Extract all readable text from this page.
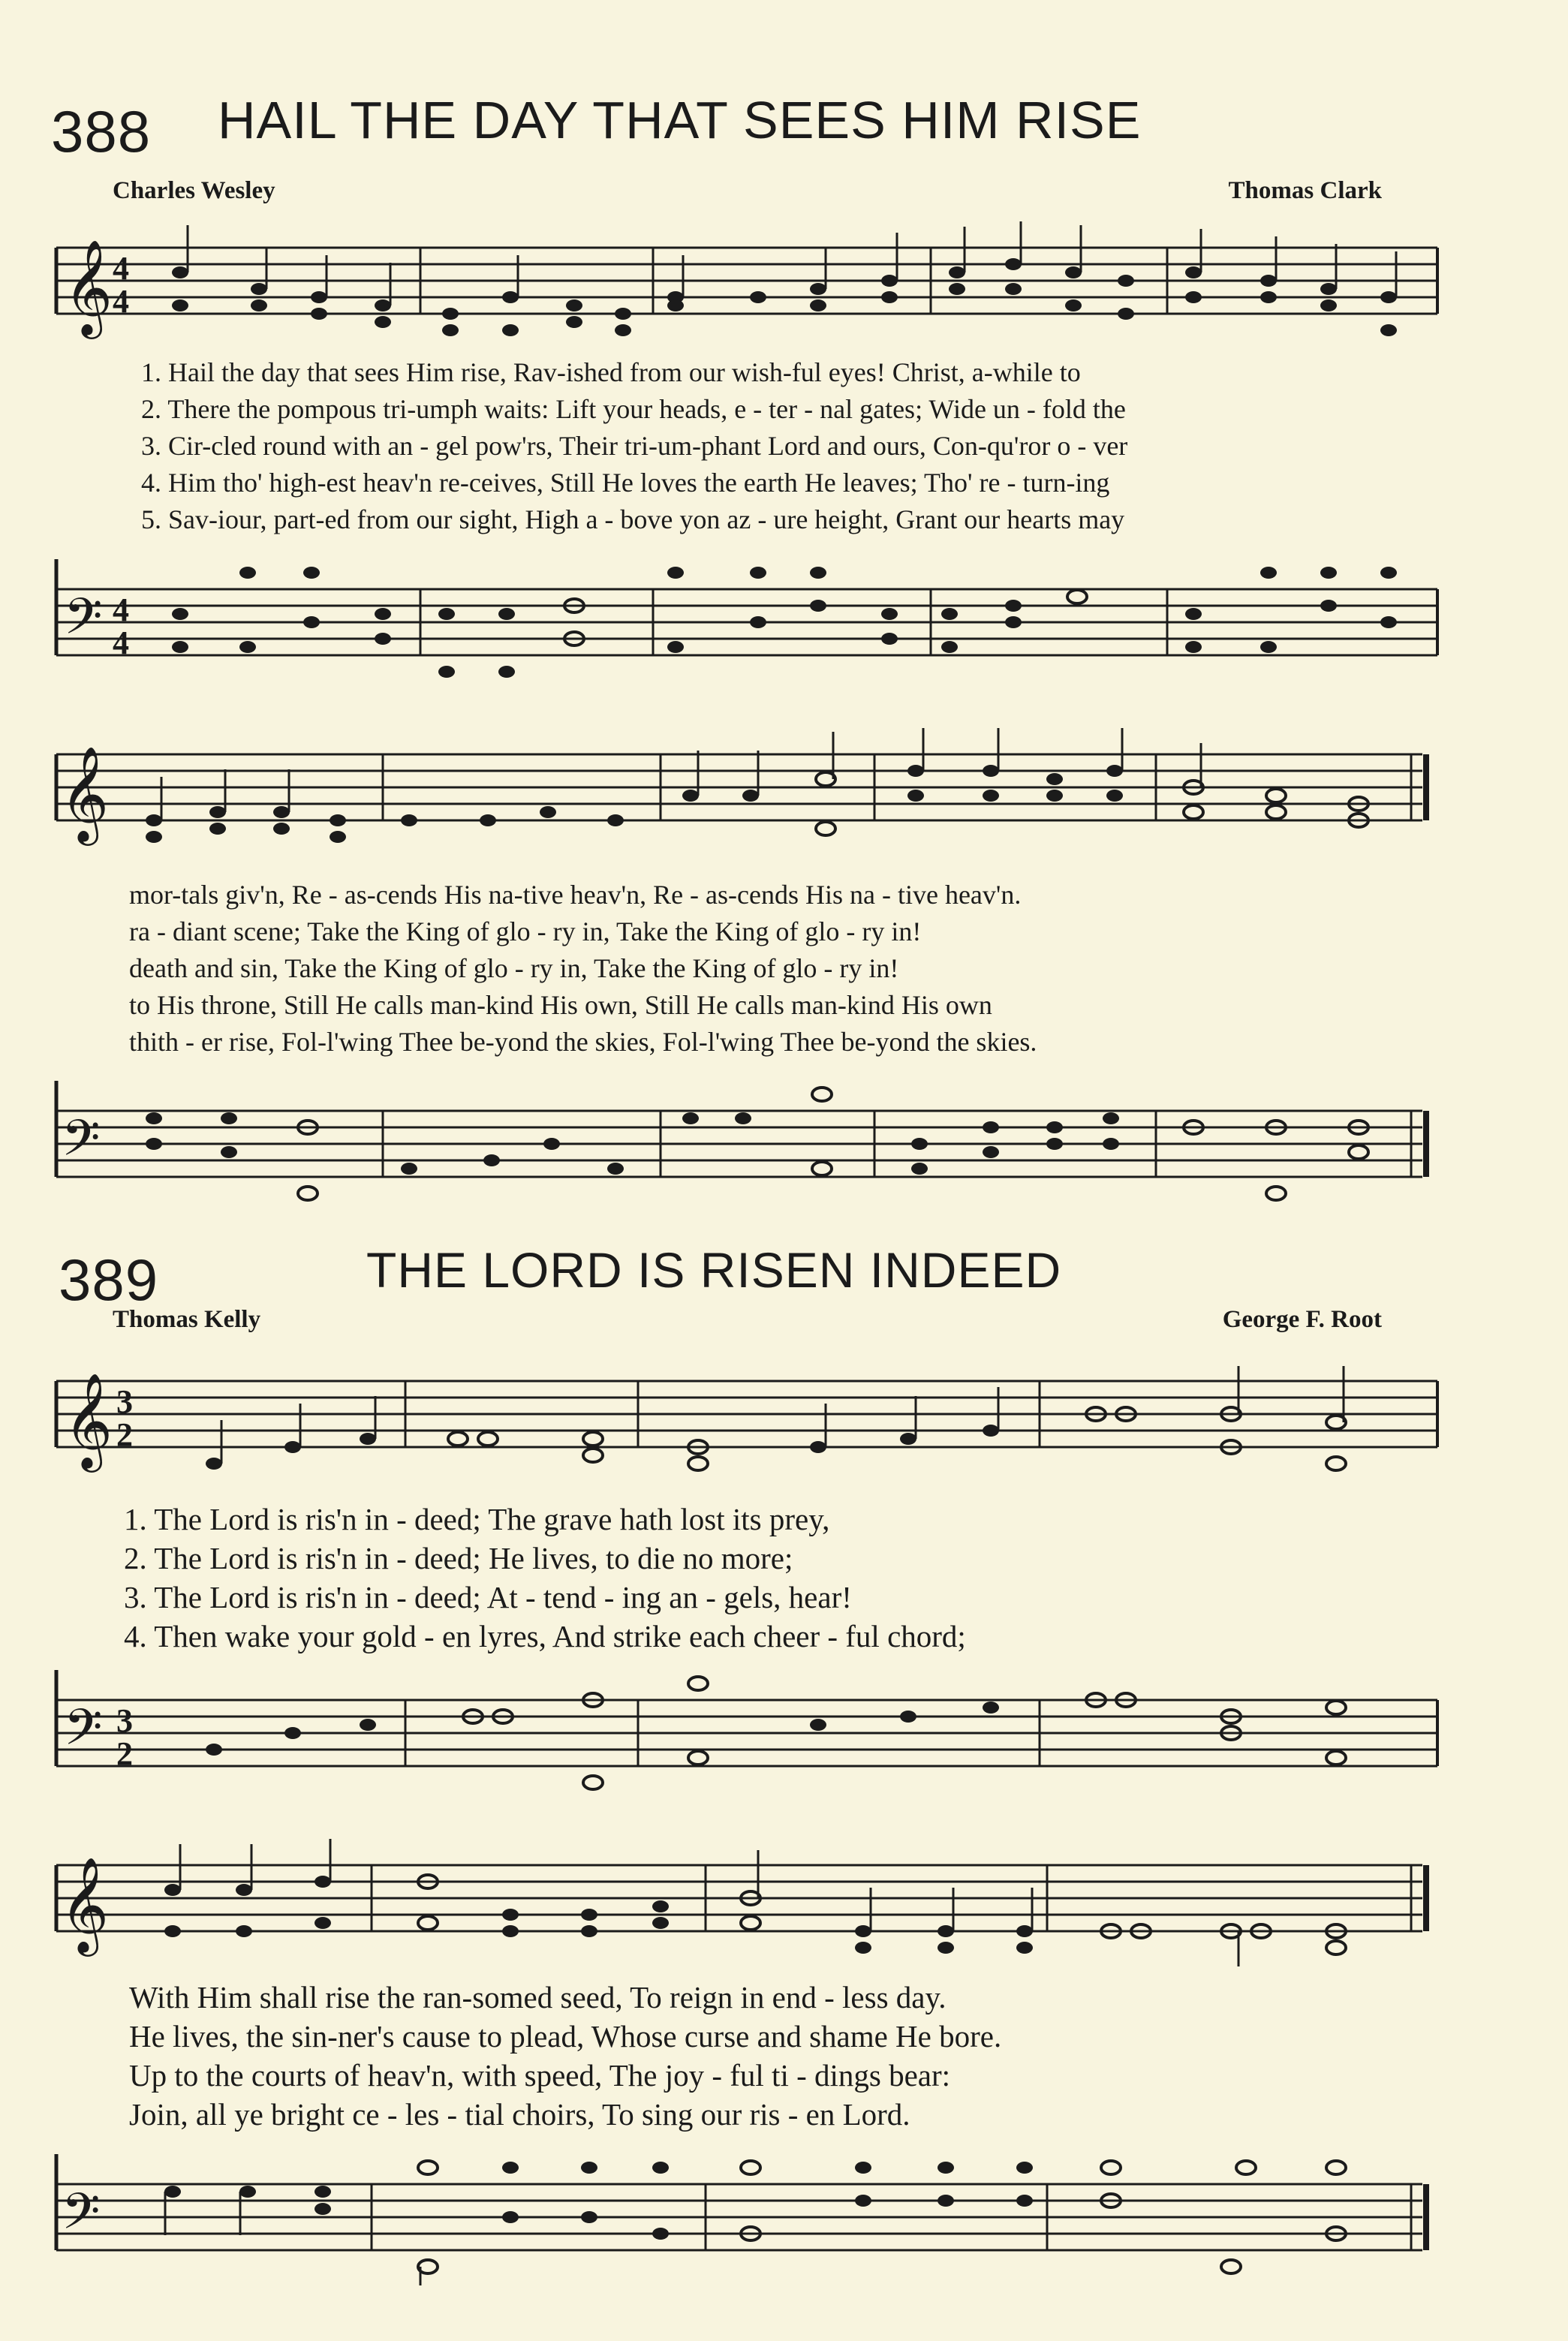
388 HAIL THE DAY THAT SEES HIM RISE
Charles Wesley	Thomas Clark
𝄞 4
4
1. Hail the day that sees Him rise, Rav-ished from our wish-ful eyes! Christ, a-while to
2. There the pompous tri-umph waits: Lift your heads, e - ter - nal gates; Wide un - fold the
3. Cir-cled round with an - gel pow'rs, Their tri-um-phant Lord and ours, Con-qu'ror o - ver
4. Him tho' high-est heav'n re-ceives, Still He loves the earth He leaves; Tho' re - turn-ing
5. Sav-iour, part-ed from our sight, High a - bove yon az - ure height, Grant our hearts may
𝄢 4
4
𝄞
mor-tals giv'n, Re - as-cends His na-tive heav'n, Re - as-cends His na - tive heav'n.
ra - diant scene; Take the King of glo - ry in, Take the King of glo - ry in!
death and sin, Take the King of glo - ry in, Take the King of glo - ry in!
to His throne, Still He calls man-kind His own, Still He calls man-kind His own
thith - er rise, Fol-l'wing Thee be-yond the skies, Fol-l'wing Thee be-yond the skies.
𝄢
389	THE LORD IS RISEN INDEED
Thomas Kelly	George F. Root
𝄞 3
2
1. The Lord is ris'n in - deed; The grave hath lost its prey,
2. The Lord is ris'n in - deed; He lives, to die no more;
3. The Lord is ris'n in - deed; At - tend - ing an - gels, hear!
4. Then wake your gold - en lyres, And strike each cheer - ful chord;
𝄢 3
2
𝄞
With Him shall rise the ran-somed seed, To reign in end - less day.
He lives, the sin-ner's cause to plead, Whose curse and shame He bore.
Up to the courts of heav'n, with speed, The joy - ful ti - dings bear:
Join, all ye bright ce - les - tial choirs, To sing our ris - en Lord.
𝄢
